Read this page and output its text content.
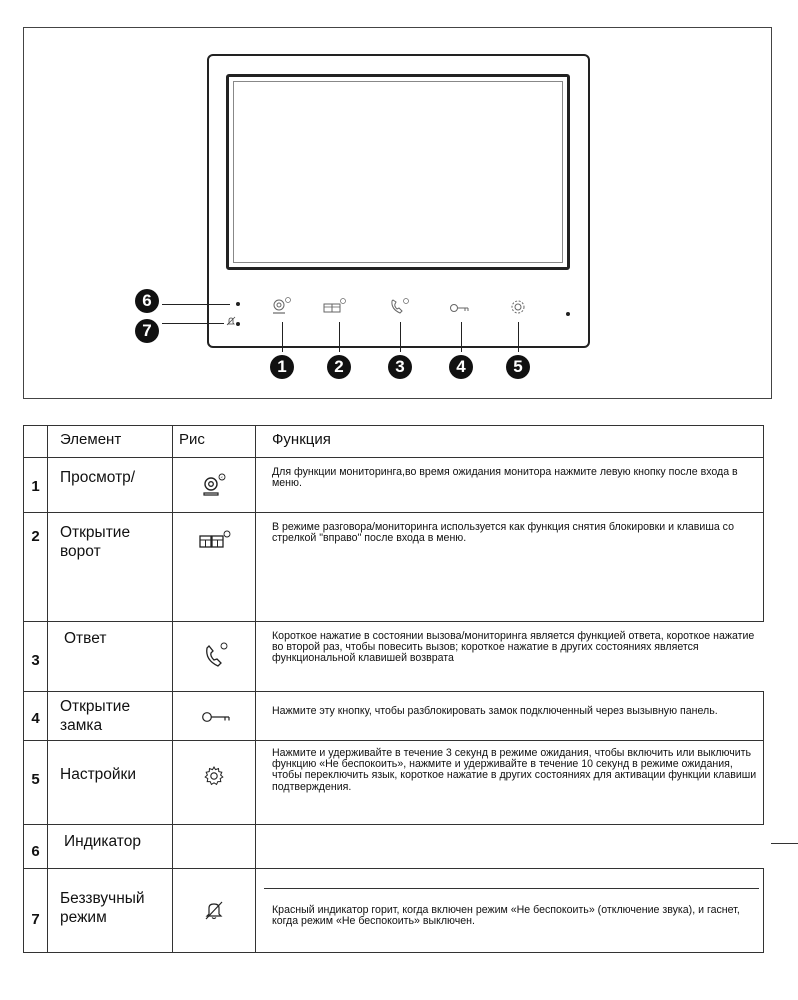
6
7
1	2	3	4	5
	Элемент	Рис	Функция
1	Просмотр/	<	Для функции мониторинга,во время ожидания монитора нажмите левую кнопку после входа в меню.
2	Открытие ворот		В режиме разговора/мониторинга используется как функция снятия блокировки и клавиша со стрелкой "вправо" после входа в меню.
3	Ответ		Короткое нажатие в состоянии вызова/мониторинга является функцией ответа, короткое нажатие во второй раз, чтобы повесить вызов; короткое нажатие в других состояниях является функциональной клавишей возврата
4	Открытие замка		Нажмите эту кнопку, чтобы разблокировать замок подключенный через вызывную панель.
5	Настройки		Нажмите и удерживайте в течение 3 секунд в режиме ожидания, чтобы включить или выключить функцию «Не беспокоить», нажмите и удерживайте в течение 10 секунд в режиме ожидания, чтобы переключить язык, короткое нажатие в других состояниях для активации функции клавиши подтверждения.
6	Индикатор		
7	Беззвучный режим		Красный индикатор горит, когда включен режим «Не беспокоить» (отключение звука), и гаснет, когда режим «Не беспокоить» выключен.
